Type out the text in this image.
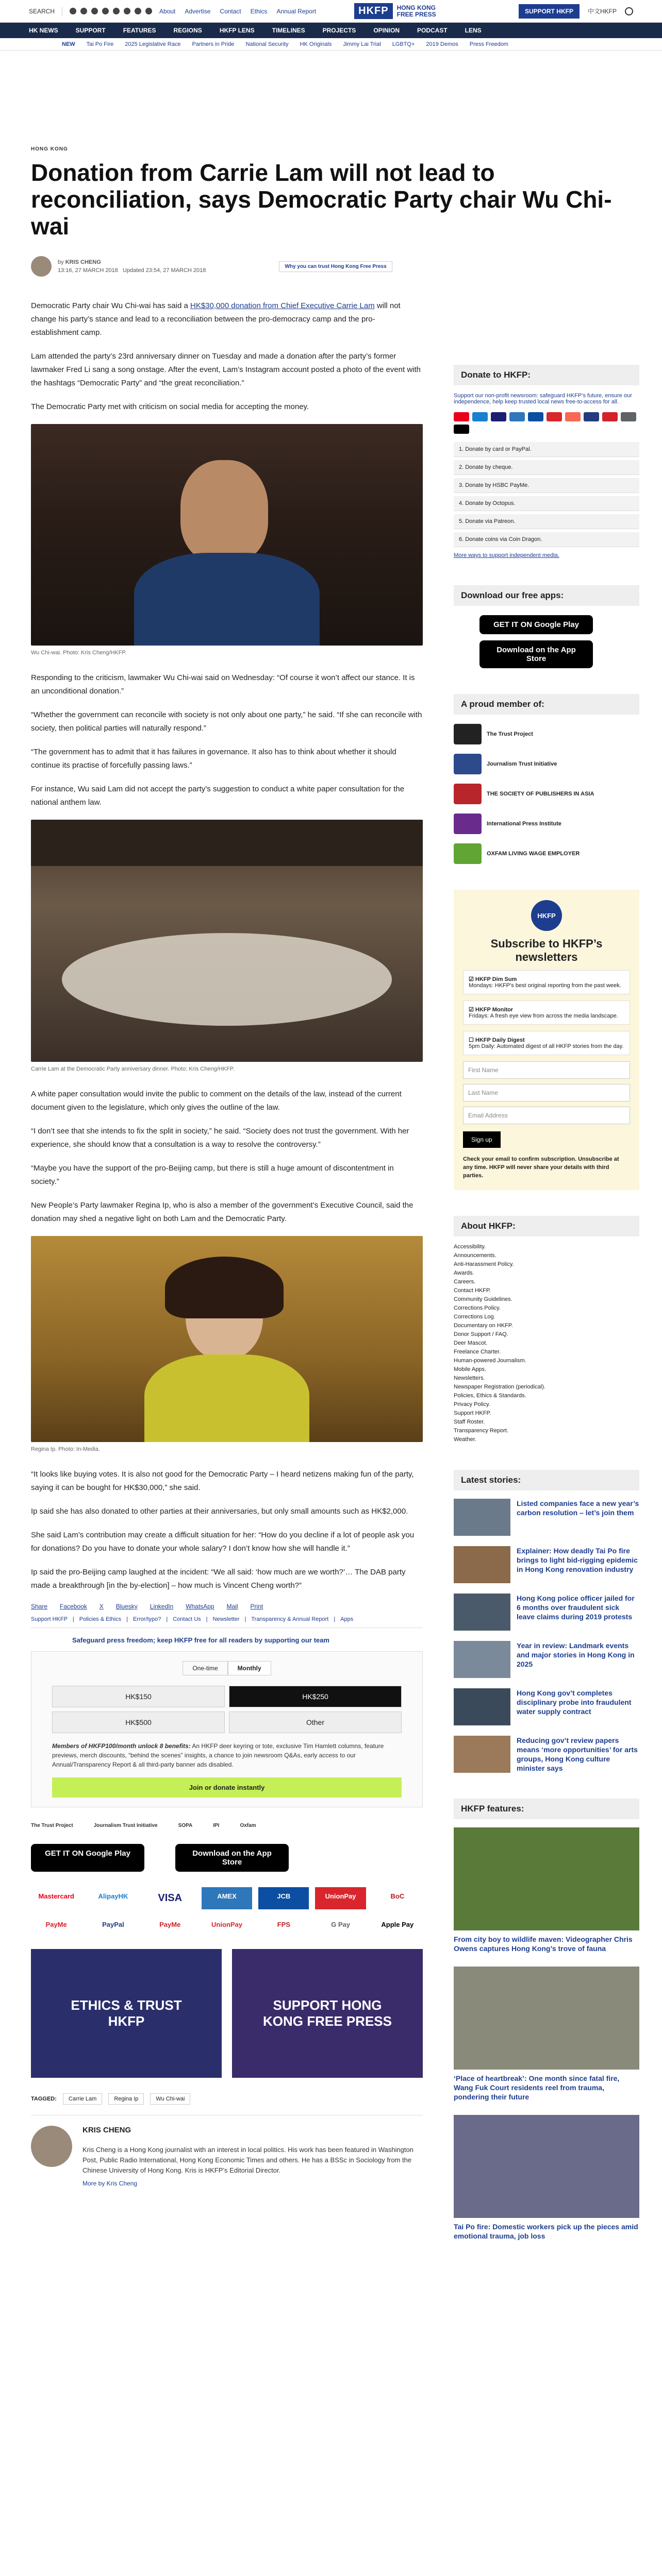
SEARCH	About Advertise Contact Ethics Annual Report	HKFP	HONG KONG
FREE PRESS	SUPPORT HKFP	中文HKFP
HK NEWS	SUPPORT	FEATURES	REGIONS	HKFP LENS	TIMELINES	PROJECTS	OPINION	PODCAST	LENS
NEW Tai Po Fire 2025 Legislative Race Partners in Pride National Security HK Originals Jimmy Lai Trial LGBTQ+ 2019 Demos Press Freedom
HONG KONG
Donation from Carrie Lam will not lead to reconciliation, says Democratic Party chair Wu Chi-wai
by KRIS CHENG
13:16, 27 MARCH 2018 Updated 23:54, 27 MARCH 2018
Why you can trust Hong Kong Free Press

Democratic Party chair Wu Chi-wai has said a HK$30,000 donation from Chief Executive Carrie Lam will not change his party’s stance and lead to a reconciliation between the pro-democracy camp and the pro-establishment camp.

Lam attended the party’s 23rd anniversary dinner on Tuesday and made a donation after the party’s former lawmaker Fred Li sang a song onstage. After the event, Lam’s Instagram account posted a photo of the event with the hashtags “Democratic Party” and “the great reconciliation.”

The Democratic Party met with criticism on social media for accepting the money.

Wu Chi-wai. Photo: Kris Cheng/HKFP.

Responding to the criticism, lawmaker Wu Chi-wai said on Wednesday: “Of course it won’t affect our stance. It is an unconditional donation.”

“Whether the government can reconcile with society is not only about one party,” he said. “If she can reconcile with society, then political parties will naturally respond.”

“The government has to admit that it has failures in governance. It also has to think about whether it should continue its practise of forcefully passing laws.”

For instance, Wu said Lam did not accept the party’s suggestion to conduct a white paper consultation for the national anthem law.

Carrie Lam at the Democratic Party anniversary dinner. Photo: Kris Cheng/HKFP.

A white paper consultation would invite the public to comment on the details of the law, instead of the current document given to the legislature, which only gives the outline of the law.

“I don’t see that she intends to fix the split in society,” he said. “Society does not trust the government. With her experience, she should know that a consultation is a way to resolve the controversy.”

“Maybe you have the support of the pro-Beijing camp, but there is still a huge amount of discontentment in society.”

New People’s Party lawmaker Regina Ip, who is also a member of the government’s Executive Council, said the donation may shed a negative light on both Lam and the Democratic Party.

Regina Ip. Photo: In-Media.

“It looks like buying votes. It is also not good for the Democratic Party – I heard netizens making fun of the party, saying it can be bought for HK$30,000,” she said.

Ip said she has also donated to other parties at their anniversaries, but only small amounts such as HK$2,000.

She said Lam’s contribution may create a difficult situation for her: “How do you decline if a lot of people ask you for donations? Do you have to donate your whole salary? I don’t know how she will handle it.”

Ip said the pro-Beijing camp laughed at the incident: “We all said: ‘how much are we worth?’… The DAB party made a breakthrough [in the by-election] – how much is Vincent Cheng worth?”

Share Facebook X Bluesky LinkedIn WhatsApp Mail Print
Support HKFP | Policies & Ethics | Error/typo? | Contact Us | Newsletter | Transparency & Annual Report | Apps
Safeguard press freedom; keep HKFP free for all readers by supporting our team
One-time	Monthly
HK$150	HK$250
HK$500	Other
Members of HKFP100/month unlock 8 benefits: An HKFP deer keyring or tote, exclusive Tim Hamlett columns, feature previews, merch discounts, “behind the scenes” insights, a chance to join newsroom Q&As, early access to our Annual/Transparency Report & all third-party banner ads disabled.
Join or donate instantly
The Trust Project	Journalism Trust Initiative	SOPA	IPI	Oxfam
GET IT ON Google Play	Download on the App Store
Mastercard	AlipayHK	VISA	AMEX	JCB	UnionPay	BoC
PayMe	PayPal	PayMe	UnionPay	FPS	G Pay	Apple Pay
ETHICS & TRUST HKFP
SUPPORT HONG KONG FREE PRESS
TAGGED:	Carrie Lam	Regina Ip	Wu Chi-wai
KRIS CHENG

Kris Cheng is a Hong Kong journalist with an interest in local politics. His work has been featured in Washington Post, Public Radio International, Hong Kong Economic Times and others. He has a BSSc in Sociology from the Chinese University of Hong Kong. Kris is HKFP’s Editorial Director.

More by Kris Cheng
Donate to HKFP:
Support our non-profit newsroom: safeguard HKFP’s future, ensure our independence, help keep trusted local news free-to-access for all.
1. Donate by card or PayPal.
2. Donate by cheque.
3. Donate by HSBC PayMe.
4. Donate by Octopus.
5. Donate via Patreon.
6. Donate coins via Coin Dragon.
More ways to support independent media.
Download our free apps:
GET IT ON Google Play
Download on the App Store
A proud member of:
The Trust Project
Journalism Trust Initiative
THE SOCIETY OF PUBLISHERS IN ASIA
International Press Institute
OXFAM LIVING WAGE EMPLOYER
HKFP
Subscribe to HKFP’s newsletters
☑ HKFP Dim Sum
Mondays: HKFP’s best original reporting from the past week.
☑ HKFP Monitor
Fridays: A fresh eye view from across the media landscape.
☐ HKFP Daily Digest
5pm Daily: Automated digest of all HKFP stories from the day.
First Name
Last Name
Email Address
Sign up
Check your email to confirm subscription. Unsubscribe at any time. HKFP will never share your details with third parties.
About HKFP:
Accessibility.
Announcements.
Anti-Harassment Policy.
Awards.
Careers.
Contact HKFP.
Community Guidelines.
Corrections Policy.
Corrections Log.
Documentary on HKFP.
Donor Support / FAQ.
Deer Mascot.
Freelance Charter.
Human-powered Journalism.
Mobile Apps.
Newsletters.
Newspaper Registration (periodical).
Policies, Ethics & Standards.
Privacy Policy.
Support HKFP.
Staff Roster.
Transparency Report.
Weather.
Latest stories:

Listed companies face a new year’s carbon resolution – let’s join them

Explainer: How deadly Tai Po fire brings to light bid-rigging epidemic in Hong Kong renovation industry

Hong Kong police officer jailed for 6 months over fraudulent sick leave claims during 2019 protests

Year in review: Landmark events and major stories in Hong Kong in 2025

Hong Kong gov’t completes disciplinary probe into fraudulent water supply contract

Reducing gov’t review papers means ‘more opportunities’ for arts groups, Hong Kong culture minister says

HKFP features:

From city boy to wildlife maven: Videographer Chris Owens captures Hong Kong’s trove of fauna

‘Place of heartbreak’: One month since fatal fire, Wang Fuk Court residents reel from trauma, pondering their future

Tai Po fire: Domestic workers pick up the pieces amid emotional trauma, job loss
